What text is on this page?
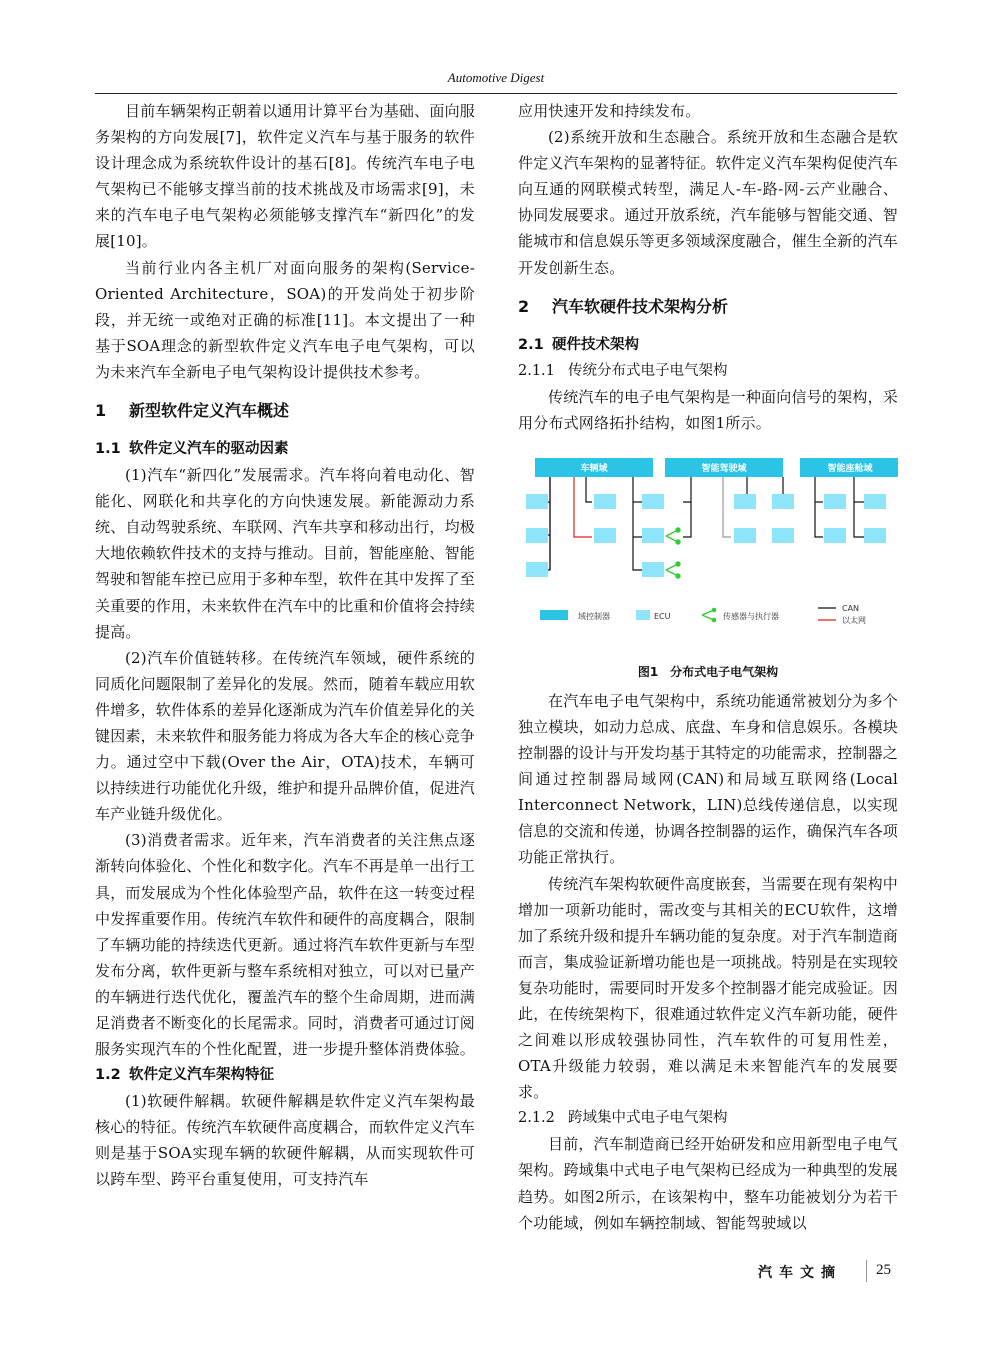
Automotive Digest

目前车辆架构正朝着以通用计算平台为基础、面向服务架构的方向发展[7]，软件定义汽车与基于服务的软件设计理念成为系统软件设计的基石[8]。传统汽车电子电气架构已不能够支撑当前的技术挑战及市场需求[9]，未来的汽车电子电气架构必须能够支撑汽车“新四化”的发展[10]。

当前行业内各主机厂对面向服务的架构(Service-Oriented Architecture，SOA)的开发尚处于初步阶段，并无统一或绝对正确的标准[11]。本文提出了一种基于SOA理念的新型软件定义汽车电子电气架构，可以为未来汽车全新电子电气架构设计提供技术参考。

1 新型软件定义汽车概述
1.1 软件定义汽车的驱动因素

(1)汽车“新四化”发展需求。汽车将向着电动化、智能化、网联化和共享化的方向快速发展。新能源动力系统、自动驾驶系统、车联网、汽车共享和移动出行，均极大地依赖软件技术的支持与推动。目前，智能座舱、智能驾驶和智能车控已应用于多种车型，软件在其中发挥了至关重要的作用，未来软件在汽车中的比重和价值将会持续提高。

(2)汽车价值链转移。在传统汽车领域，硬件系统的同质化问题限制了差异化的发展。然而，随着车载应用软件增多，软件体系的差异化逐渐成为汽车价值差异化的关键因素，未来软件和服务能力将成为各大车企的核心竞争力。通过空中下载(Over the Air，OTA)技术，车辆可以持续进行功能优化升级，维护和提升品牌价值，促进汽车产业链升级优化。

(3)消费者需求。近年来，汽车消费者的关注焦点逐渐转向体验化、个性化和数字化。汽车不再是单一出行工具，而发展成为个性化体验型产品，软件在这一转变过程中发挥重要作用。传统汽车软件和硬件的高度耦合，限制了车辆功能的持续迭代更新。通过将汽车软件更新与车型发布分离，软件更新与整车系统相对独立，可以对已量产的车辆进行迭代优化，覆盖汽车的整个生命周期，进而满足消费者不断变化的长尾需求。同时，消费者可通过订阅服务实现汽车的个性化配置，进一步提升整体消费体验。

1.2 软件定义汽车架构特征

(1)软硬件解耦。软硬件解耦是软件定义汽车架构最核心的特征。传统汽车软硬件高度耦合，而软件定义汽车则是基于SOA实现车辆的软硬件解耦，从而实现软件可以跨车型、跨平台重复使用，可支持汽车

应用快速开发和持续发布。

(2)系统开放和生态融合。系统开放和生态融合是软件定义汽车架构的显著特征。软件定义汽车架构促使汽车向互通的网联模式转型，满足人-车-路-网-云产业融合、协同发展要求。通过开放系统，汽车能够与智能交通、智能城市和信息娱乐等更多领域深度融合，催生全新的汽车开发创新生态。

2 汽车软硬件技术架构分析
2.1 硬件技术架构
2.1.1 传统分布式电子电气架构

传统汽车的电子电气架构是一种面向信号的架构，采用分布式网络拓扑结构，如图1所示。

车辆域	智能驾驶域	智能座舱域
域控制器	ECU	传感器与执行器
CAN
以太网
图1　分布式电子电气架构

在汽车电子电气架构中，系统功能通常被划分为多个独立模块，如动力总成、底盘、车身和信息娱乐。各模块控制器的设计与开发均基于其特定的功能需求，控制器之间通过控制器局域网(CAN)和局域互联网络(Local Interconnect Network，LIN)总线传递信息，以实现信息的交流和传递，协调各控制器的运作，确保汽车各项功能正常执行。

传统汽车架构软硬件高度嵌套，当需要在现有架构中增加一项新功能时，需改变与其相关的ECU软件，这增加了系统升级和提升车辆功能的复杂度。对于汽车制造商而言，集成验证新增功能也是一项挑战。特别是在实现较复杂功能时，需要同时开发多个控制器才能完成验证。因此，在传统架构下，很难通过软件定义汽车新功能，硬件之间难以形成较强协同性，汽车软件的可复用性差，OTA升级能力较弱，难以满足未来智能汽车的发展要求。

2.1.2 跨域集中式电子电气架构

目前，汽车制造商已经开始研发和应用新型电子电气架构。跨域集中式电子电气架构已经成为一种典型的发展趋势。如图2所示，在该架构中，整车功能被划分为若干个功能域，例如车辆控制域、智能驾驶域以

汽车文摘 25
